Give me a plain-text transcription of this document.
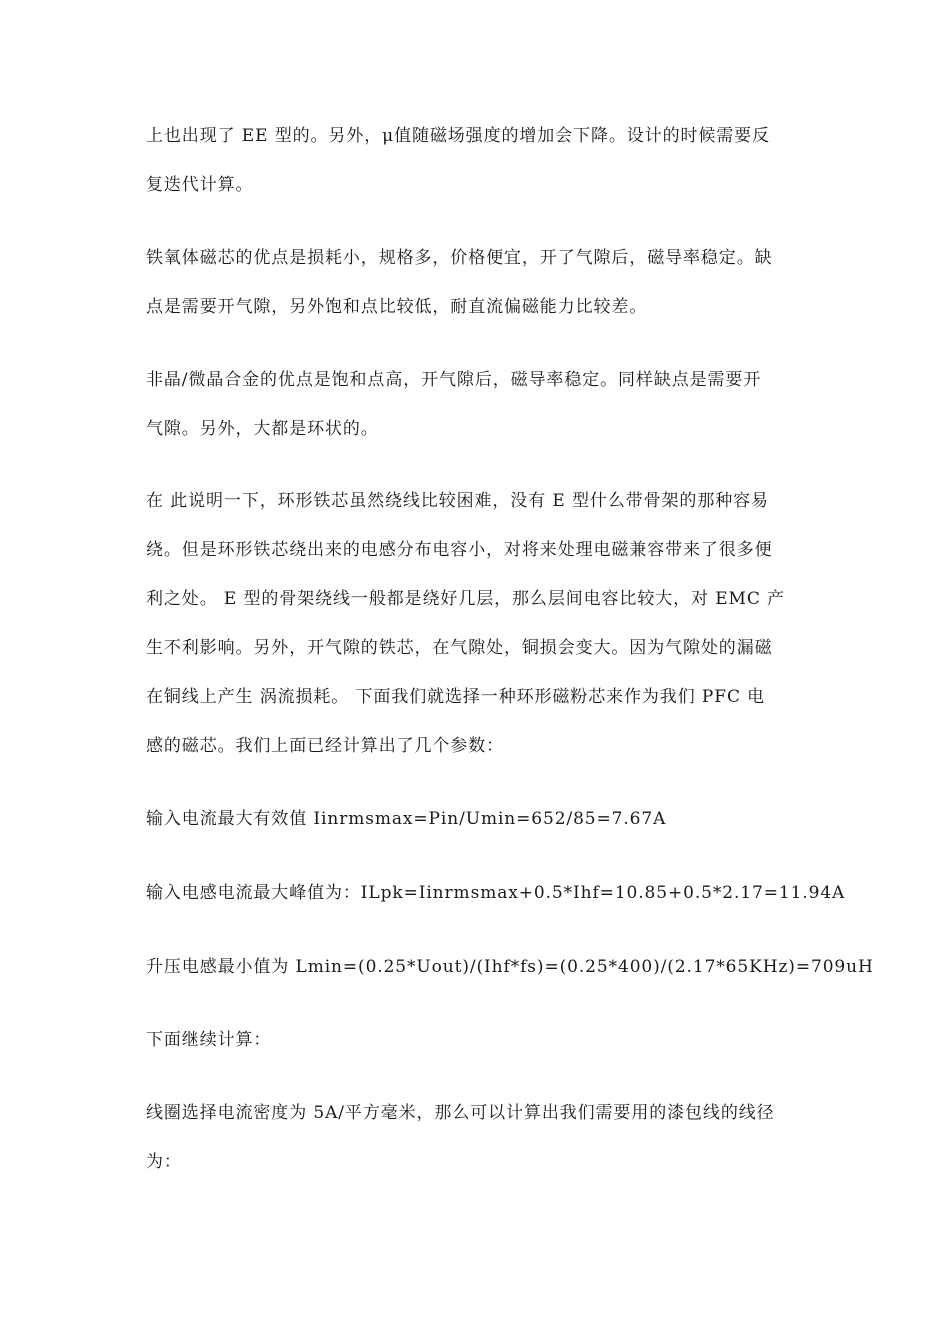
上也出现了 EE 型的。另外，μ值随磁场强度的增加会下降。设计的时候需要反
复迭代计算。

铁氧体磁芯的优点是损耗小，规格多，价格便宜，开了气隙后，磁导率稳定。缺
点是需要开气隙，另外饱和点比较低，耐直流偏磁能力比较差。

非晶/微晶合金的优点是饱和点高，开气隙后，磁导率稳定。同样缺点是需要开
气隙。另外，大都是环状的。

在 此说明一下，环形铁芯虽然绕线比较困难，没有 E 型什么带骨架的那种容易
绕。但是环形铁芯绕出来的电感分布电容小，对将来处理电磁兼容带来了很多便
利之处。 E 型的骨架绕线一般都是绕好几层，那么层间电容比较大，对 EMC 产
生不利影响。另外，开气隙的铁芯，在气隙处，铜损会变大。因为气隙处的漏磁
在铜线上产生 涡流损耗。 下面我们就选择一种环形磁粉芯来作为我们 PFC 电
感的磁芯。我们上面已经计算出了几个参数：

输入电流最大有效值 Iinrmsmax=Pin/Umin=652/85=7.67A

输入电感电流最大峰值为：ILpk=Iinrmsmax+0.5*Ihf=10.85+0.5*2.17=11.94A

升压电感最小值为 Lmin=(0.25*Uout)/(Ihf*fs)=(0.25*400)/(2.17*65KHz)=709uH

下面继续计算：

线圈选择电流密度为 5A/平方毫米，那么可以计算出我们需要用的漆包线的线径
为：
